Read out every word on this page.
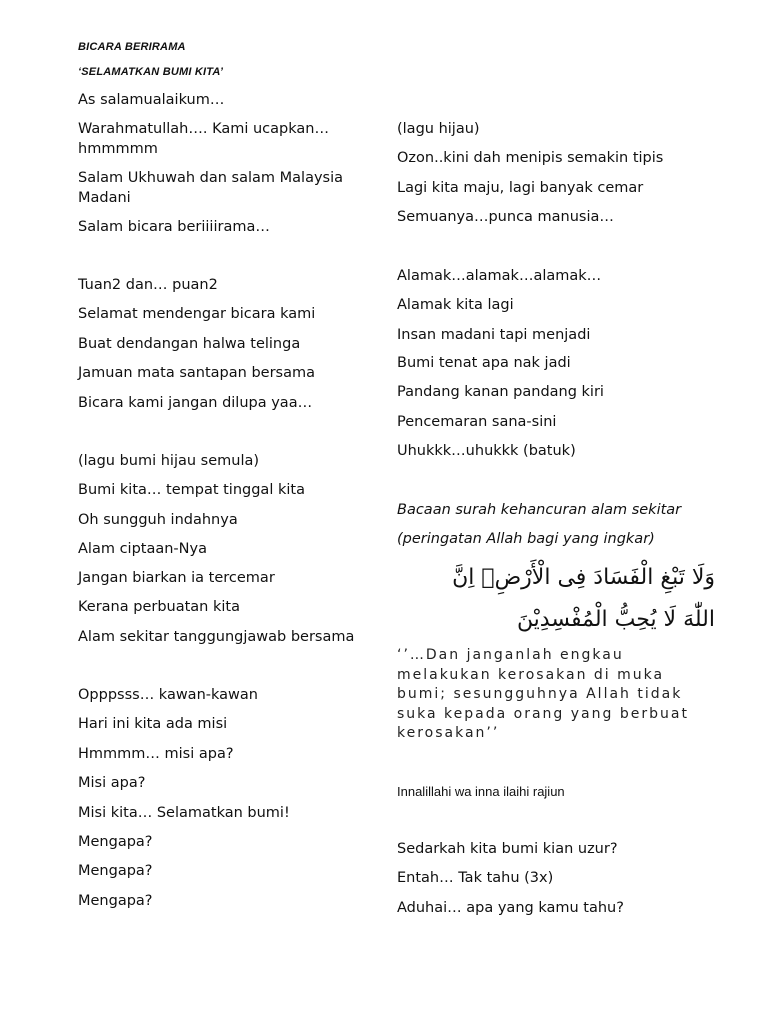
BICARA BERIRAMA
‘SELAMATKAN BUMI KITA’
As salamualaikum…
Warahmatullah…. Kami ucapkan… hmmmmm
Salam Ukhuwah dan salam Malaysia Madani
Salam bicara beriiiirama…
Tuan2 dan… puan2
Selamat mendengar bicara kami
Buat dendangan halwa telinga
Jamuan mata santapan bersama
Bicara kami jangan dilupa yaa…
(lagu bumi hijau semula)
Bumi kita… tempat tinggal kita
Oh sungguh indahnya
Alam ciptaan-Nya
Jangan biarkan ia tercemar
Kerana perbuatan kita
Alam sekitar tanggungjawab bersama
Opppsss… kawan-kawan
Hari ini kita ada misi
Hmmmm… misi apa?
Misi apa?
Misi kita… Selamatkan bumi!
Mengapa?
Mengapa?
Mengapa?
(lagu hijau)
Ozon..kini dah menipis semakin tipis
Lagi kita maju, lagi banyak cemar
Semuanya…punca manusia…
Alamak…alamak…alamak…
Alamak kita lagi
Insan madani tapi menjadi
Bumi tenat apa nak jadi
Pandang kanan pandang kiri
Pencemaran sana-sini
Uhukkk…uhukkk (batuk)
Bacaan surah kehancuran alam sekitar
(peringatan Allah bagi yang ingkar)
وَلَا تَبْغِ الْفَسَادَ فِى الْأَرْضِۗ اِنَّ
اللّٰهَ لَا يُحِبُّ الْمُفْسِدِيْنَ
‘’…Dan janganlah engkau melakukan kerosakan di muka bumi; sesungguhnya Allah tidak suka kepada orang yang berbuat kerosakan’’
Innalillahi wa inna ilaihi rajiun
Sedarkah kita bumi kian uzur?
Entah… Tak tahu (3x)
Aduhai… apa yang kamu tahu?
